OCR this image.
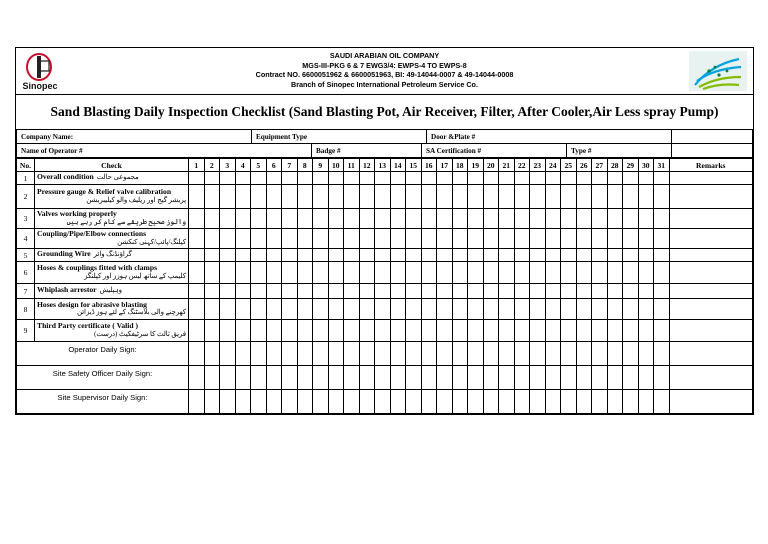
Sinopec
SAUDI ARABIAN OIL COMPANY
MGS-III-PKG 6 & 7 EWG3/4: EWPS-4 TO EWPS-8
Contract NO. 6600051962 & 6600051963, BI: 49-14044-0007 & 49-14044-0008
Branch of Sinopec International Petroleum Service Co.
Sand Blasting Daily Inspection Checklist (Sand Blasting Pot, Air Receiver, Filter, After Cooler,Air Less spray Pump)
Company Name:	Equipment Type	Door &Plate #	
Name of Operator #	Badge #	SA Certification #	Type #	
No.	Check	1	2	3	4	5	6	7	8	9	10	11	12	13	14	15	16	17	18	19	20	21	22	23	24	25	26	27	28	29	30	31	Remarks
1	Overall condition مجموعی حالت																																
2	Pressure gauge & Relief valve calibration
پریشر گیج اور ریلیف والو کیلیبریشن																																

3	Valves working properly
والوز صحیح طریقے سے کام کر رہے ہیں																																

4	Coupling/Pipe/Elbow connections
کپلنگ/پائپ/کہنی کنکشن																																

5	Grounding Wire گراؤنڈنگ وائر																																
6	Hoses & couplings fitted with clamps
کلیمپ کے ساتھ لیس ہوزز اور کپلنگز																																

7	Whiplash arrestor وہپلیش																																
8	Hoses design for abrasive blasting
کھرچنے والی بلاسٹنگ کے لئے ہوز ڈیزائن																																

9	Third Party certificate ( Valid )
فریق ثالث کا سرٹیفکیٹ (درست)																																

Operator Daily Sign:																																	
Site Safety Officer Daily Sign:																																	
Site Supervisor Daily Sign:																																	
